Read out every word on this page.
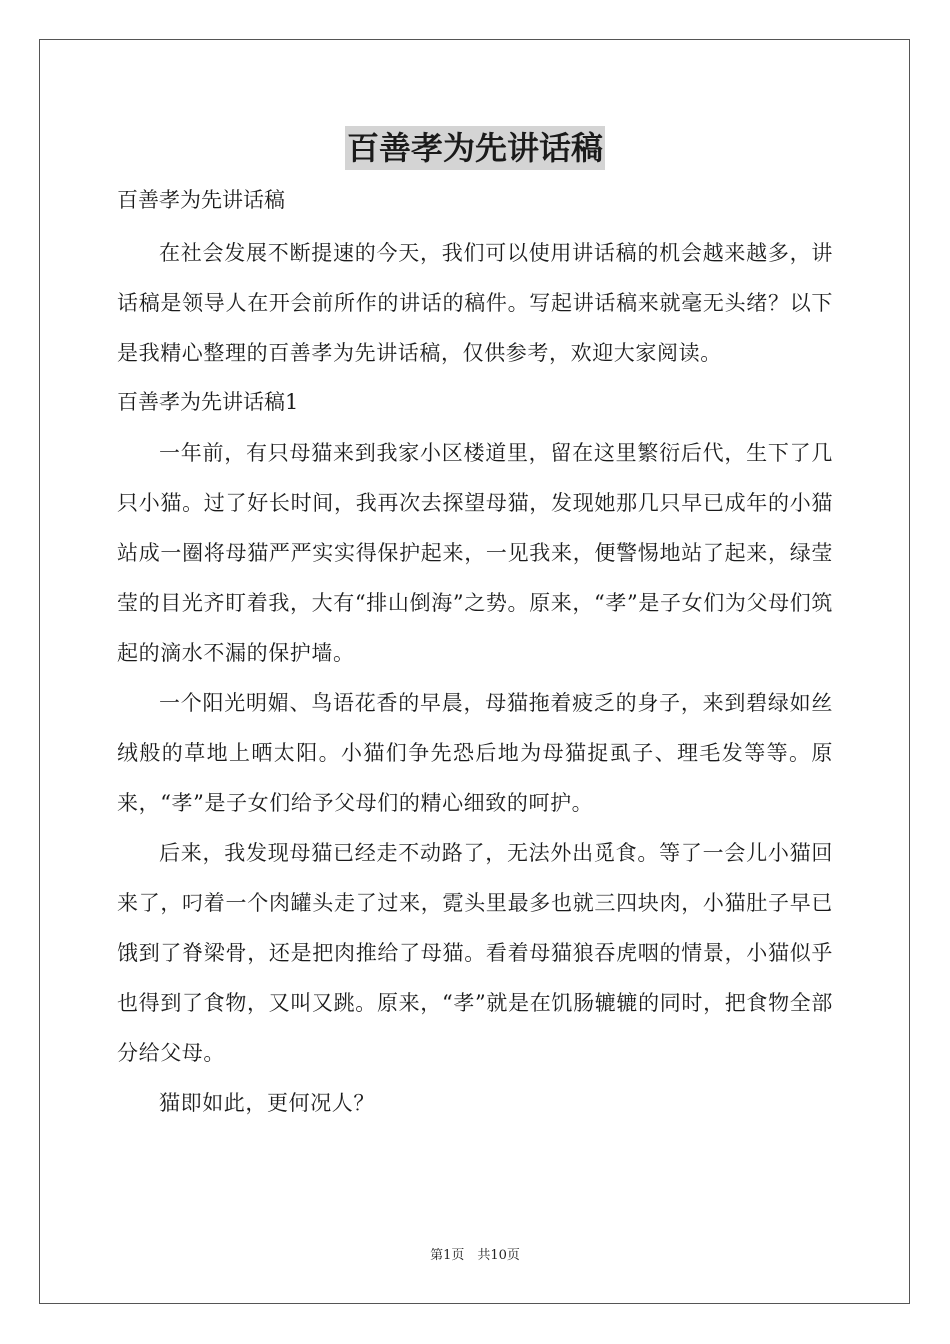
百善孝为先讲话稿
百善孝为先讲话稿

在社会发展不断提速的今天，我们可以使用讲话稿的机会越来越多，讲话稿是领导人在开会前所作的讲话的稿件。写起讲话稿来就毫无头绪？以下是我精心整理的百善孝为先讲话稿，仅供参考，欢迎大家阅读。

百善孝为先讲话稿1

一年前，有只母猫来到我家小区楼道里，留在这里繁衍后代，生下了几只小猫。过了好长时间，我再次去探望母猫，发现她那几只早已成年的小猫站成一圈将母猫严严实实得保护起来，一见我来，便警惕地站了起来，绿莹莹的目光齐盯着我，大有“排山倒海”之势。原来，“孝”是子女们为父母们筑起的滴水不漏的保护墙。

一个阳光明媚、鸟语花香的早晨，母猫拖着疲乏的身子，来到碧绿如丝绒般的草地上晒太阳。小猫们争先恐后地为母猫捉虱子、理毛发等等。原来，“孝”是子女们给予父母们的精心细致的呵护。

后来，我发现母猫已经走不动路了，无法外出觅食。等了一会儿小猫回来了，叼着一个肉罐头走了过来，霓头里最多也就三四块肉，小猫肚子早已饿到了脊梁骨，还是把肉推给了母猫。看着母猫狼吞虎咽的情景，小猫似乎也得到了食物，又叫又跳。原来，“孝”就是在饥肠辘辘的同时，把食物全部分给父母。

猫即如此，更何况人？

第1页　共10页
